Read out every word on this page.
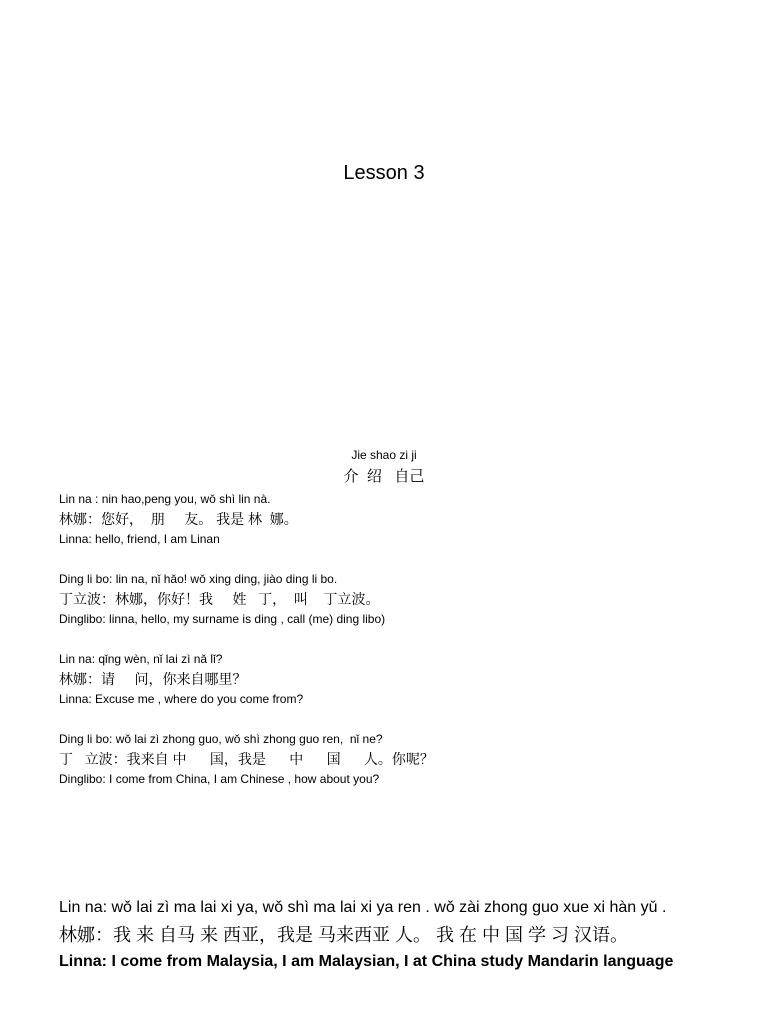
Lesson 3
Jie shao zi ji
介  绍   自己
Lin na : nin hao,peng you, wǒ shì lin nà.
林娜：您好，  朋     友。 我是 林  娜。
Linna: hello, friend, I am Linan
Ding li bo: lin na, nǐ hǎo! wǒ xing ding, jiào ding li bo.
丁立波：林娜，你好！我     姓   丁，  叫    丁立波。
Dinglibo: linna, hello, my surname is ding , call (me) ding libo)
Lin na: qǐng wèn, nǐ lai zì nǎ lǐ?
林娜：请     问，你来自哪里？
Linna: Excuse me , where do you come from?
Ding li bo: wǒ lai zì zhong guo, wǒ shì zhong guo ren,  nǐ ne?
丁   立波：我来自 中      国，我是      中      国      人。你呢？
Dinglibo: I come from China, I am Chinese , how about you?
Lin na: wǒ lai zì ma lai xi ya, wǒ shì ma lai xi ya ren . wǒ zài zhong guo xue xi hàn yǔ .
林娜：我 来 自马 来 西亚，我是 马来西亚 人。 我 在 中 国 学 习 汉语。
Linna: I come from Malaysia, I am Malaysian, I at China study Mandarin language
